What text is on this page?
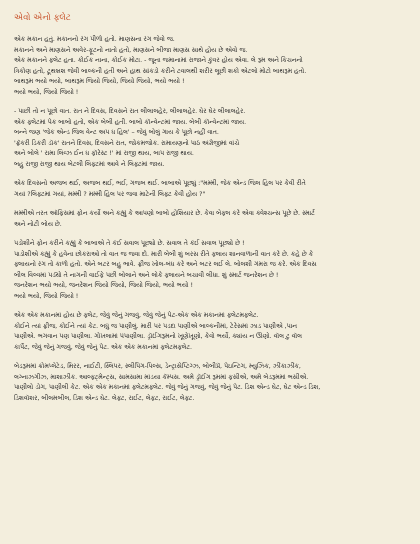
એવો એનો ફ્લેટ
એક મકાન હતું. મકાનનો રંગ પીળો હતો. માણસના રંગ જેવો જ.
મકાનને અને માણસને અવેર-ફૂટનો નાતો હતો, માણસને બીજા માણસ સાથે હોય છે એવો જ.
એક મકાનને ફ્લેટ હતા. કોઈક નાના, કોઈક મોટા. - જૂના જમાનામાં રાજાને કુંવર હોય એવા. લે રૂમ અને કિચનનો
ત્રિકોણ હતો, ટૂથબ્રશ જેવી બાલ્કની હતી અને હાથ સાંકડો કરીને ટવાલથી શરીર લૂછી શકો એટલો મોટો બાથરૂમ હતો.
બાથરૂમ ભયો ભયો, બાથરૂમ જિયો જિયો, જિયો જિયો, ભયો ભયો !
ભયો ભયો, જિયો જિયો !
- પાછી તો ન પૂછો વાત. રાત ને દિવસ, દિવસને રાત લીલાલહેર, લીલાલહેર. ઘેર ઘેર લીલાલહેર.
એક ફ્લેટમાં પેક બાબો હતો, એક બેબી હતી. બાબો કૉન્વેન્ટમાં જાય. બેબી કૉન્વેન્ટમાં જાય.
બન્ને જણ 'જેક એન્ડ જિલ વેન્ટ અપ ધ હિલ' – જેવું બોલું ગાય કે પૂછો નહીં વાત.
'ફ્રૅકરી ડિકરી ડૉક' રાતને દિવસ, દિવસને રાત, જોકમજોક. રામાયણનો પાઠ અંગ્રેજીમાં વાંચે
અને બોલે ' રામા લિવ્ઝ ઈન ધ ફૉરેસ્ટ !' માં રાજી થાય, બાપ રાજી થાય.
બહુ રાજી રાજી થાય બેટલી લિફ્ટમાં આવે ને લિફ્ટમાં જાય.
એક દિવસનો અજબ થઈ, અજબ થઈ, ભઈ, ગજબ થઈ. બાબાએ પૂછ્યું :"મમ્મી, જેક એન્ડ જિલ હિલ પર કેવી રીતે
ગયાં ?લિફ્ટમાં ગયાં, મમ્મી ? મમ્મી હિલ પર જવા માટેની લિફ્ટ કેવી હોય ?"
મમ્મીએ તરત ઑફિસમાં ફોન કર્યો અને કહ્યું કે આપણો બાબો હોશિયાર છે. કેવા બેફ્લ કરે એવા ક્વેશ્ચન્સ પૂછે છે. સ્માર્ટ
અને નોટી બોય છે.
પડોશીને ફોન કરીને કહ્યું કે બાબાએ તે કંઈ સવાલ પૂછ્યો છે. સવાલ તે કંઈ સવાલ પૂછ્યો છે !
પાડોશીએ કહ્યું કે હવેના છોકરાઓ તો વાત જ જવા દો. મારી બેબી શું બરસ રીતે ફ્લાય શાનવાળાની વાત કરે છે. કહે છે કે
ફ્લાયનો રંગ તો કાળો હતો. એને બટર બહુ ભાવે. ફ્રીજ ખોલ-બંધ કરે અને બટર લઈ લે. બોલશી ગંમરા જ કરે. એક દિવસ
બીલ વિલ્વમાં પડ્યો તે નાગની વાઈફે પછી બોલાને અને લોકે ફ્લાયને બચાવી લીધા. શું સ્માર્ટ જનરેશન છે !
જનરેશન ભયો ભયો, જનરેશન જિયો જિયો, જિયો જિયો, ભયો ભયો !
ભયો ભયો, જિયો જિયો !
એક એક મકાનમાં હોય છે ફ્લેટ, જેવું જેનું ગજવું, જેવું જેનું પેટ-એક એક મકાનમાં ફ્લેટમફ્લેટ.
કોઈને ત્યાં ફ્રીજ, કોઈને ત્યાં કેટ. બધું જ પાણીલું. મારી પર પડદા પાણીએ બાલ્કનીમાં, ટેરેસમાં ઝાડ પાણીએ ,પાન
પાણીએ. ભગવાન પણ પાણીલા. ગોખલામાં પંપાણીલા. ડ્રૉઈંગરૂમનો ખૂણેખૂણો, કેવો ભર્યો, ક્યાંય ન ઊણો. વૉલ ટુ વૉલ
કાર્પેટ, જેવું જેનું ગજવું, જેવું જેનું પેટ. એક એક મકાનમાં ફ્લેટમફ્લેટ.
બેડરૂમમાં ક્રોમપ્લેટેડ, મિરર, નાઈટી, સ્લિપર, સ્લીપિંગ-પિલ્સ, ડેન્ટ્રાસેપ્ટિગ્ઝ, બોબીપ્રૅ, પેઇન્ટિંગ, મ્યુઝિક, ઝીંકાઝીંક,
લગ્નાઝગીઝ, માશાઝીક. આલ્ફ્ટ્મેન્ટ્સ, સામસામા માંડયા કૅમ્પસ. અમે ડ્રૉઈંગ રૂમમાં ફસીએ, અમે બેડરૂમમાં ભસીએ.
પાણીલો ડોગ, પાણીલી કેટ. એક એક મકાનમાં ફ્લેટમફ્લેટ. જેવું જેનું ગજવું, જેવું જેનું પેટ. ડિશ એન્ડ ઘેટ, ઘેટ એન્ડ ડિશ,
ડિશવૉશર, બીલમબીલ, ડિશ એન્ડ ઘેટ. લેફ્ટ, રાઈટ, લેફ્ટ, રાઈટ, લેફ્ટ.
